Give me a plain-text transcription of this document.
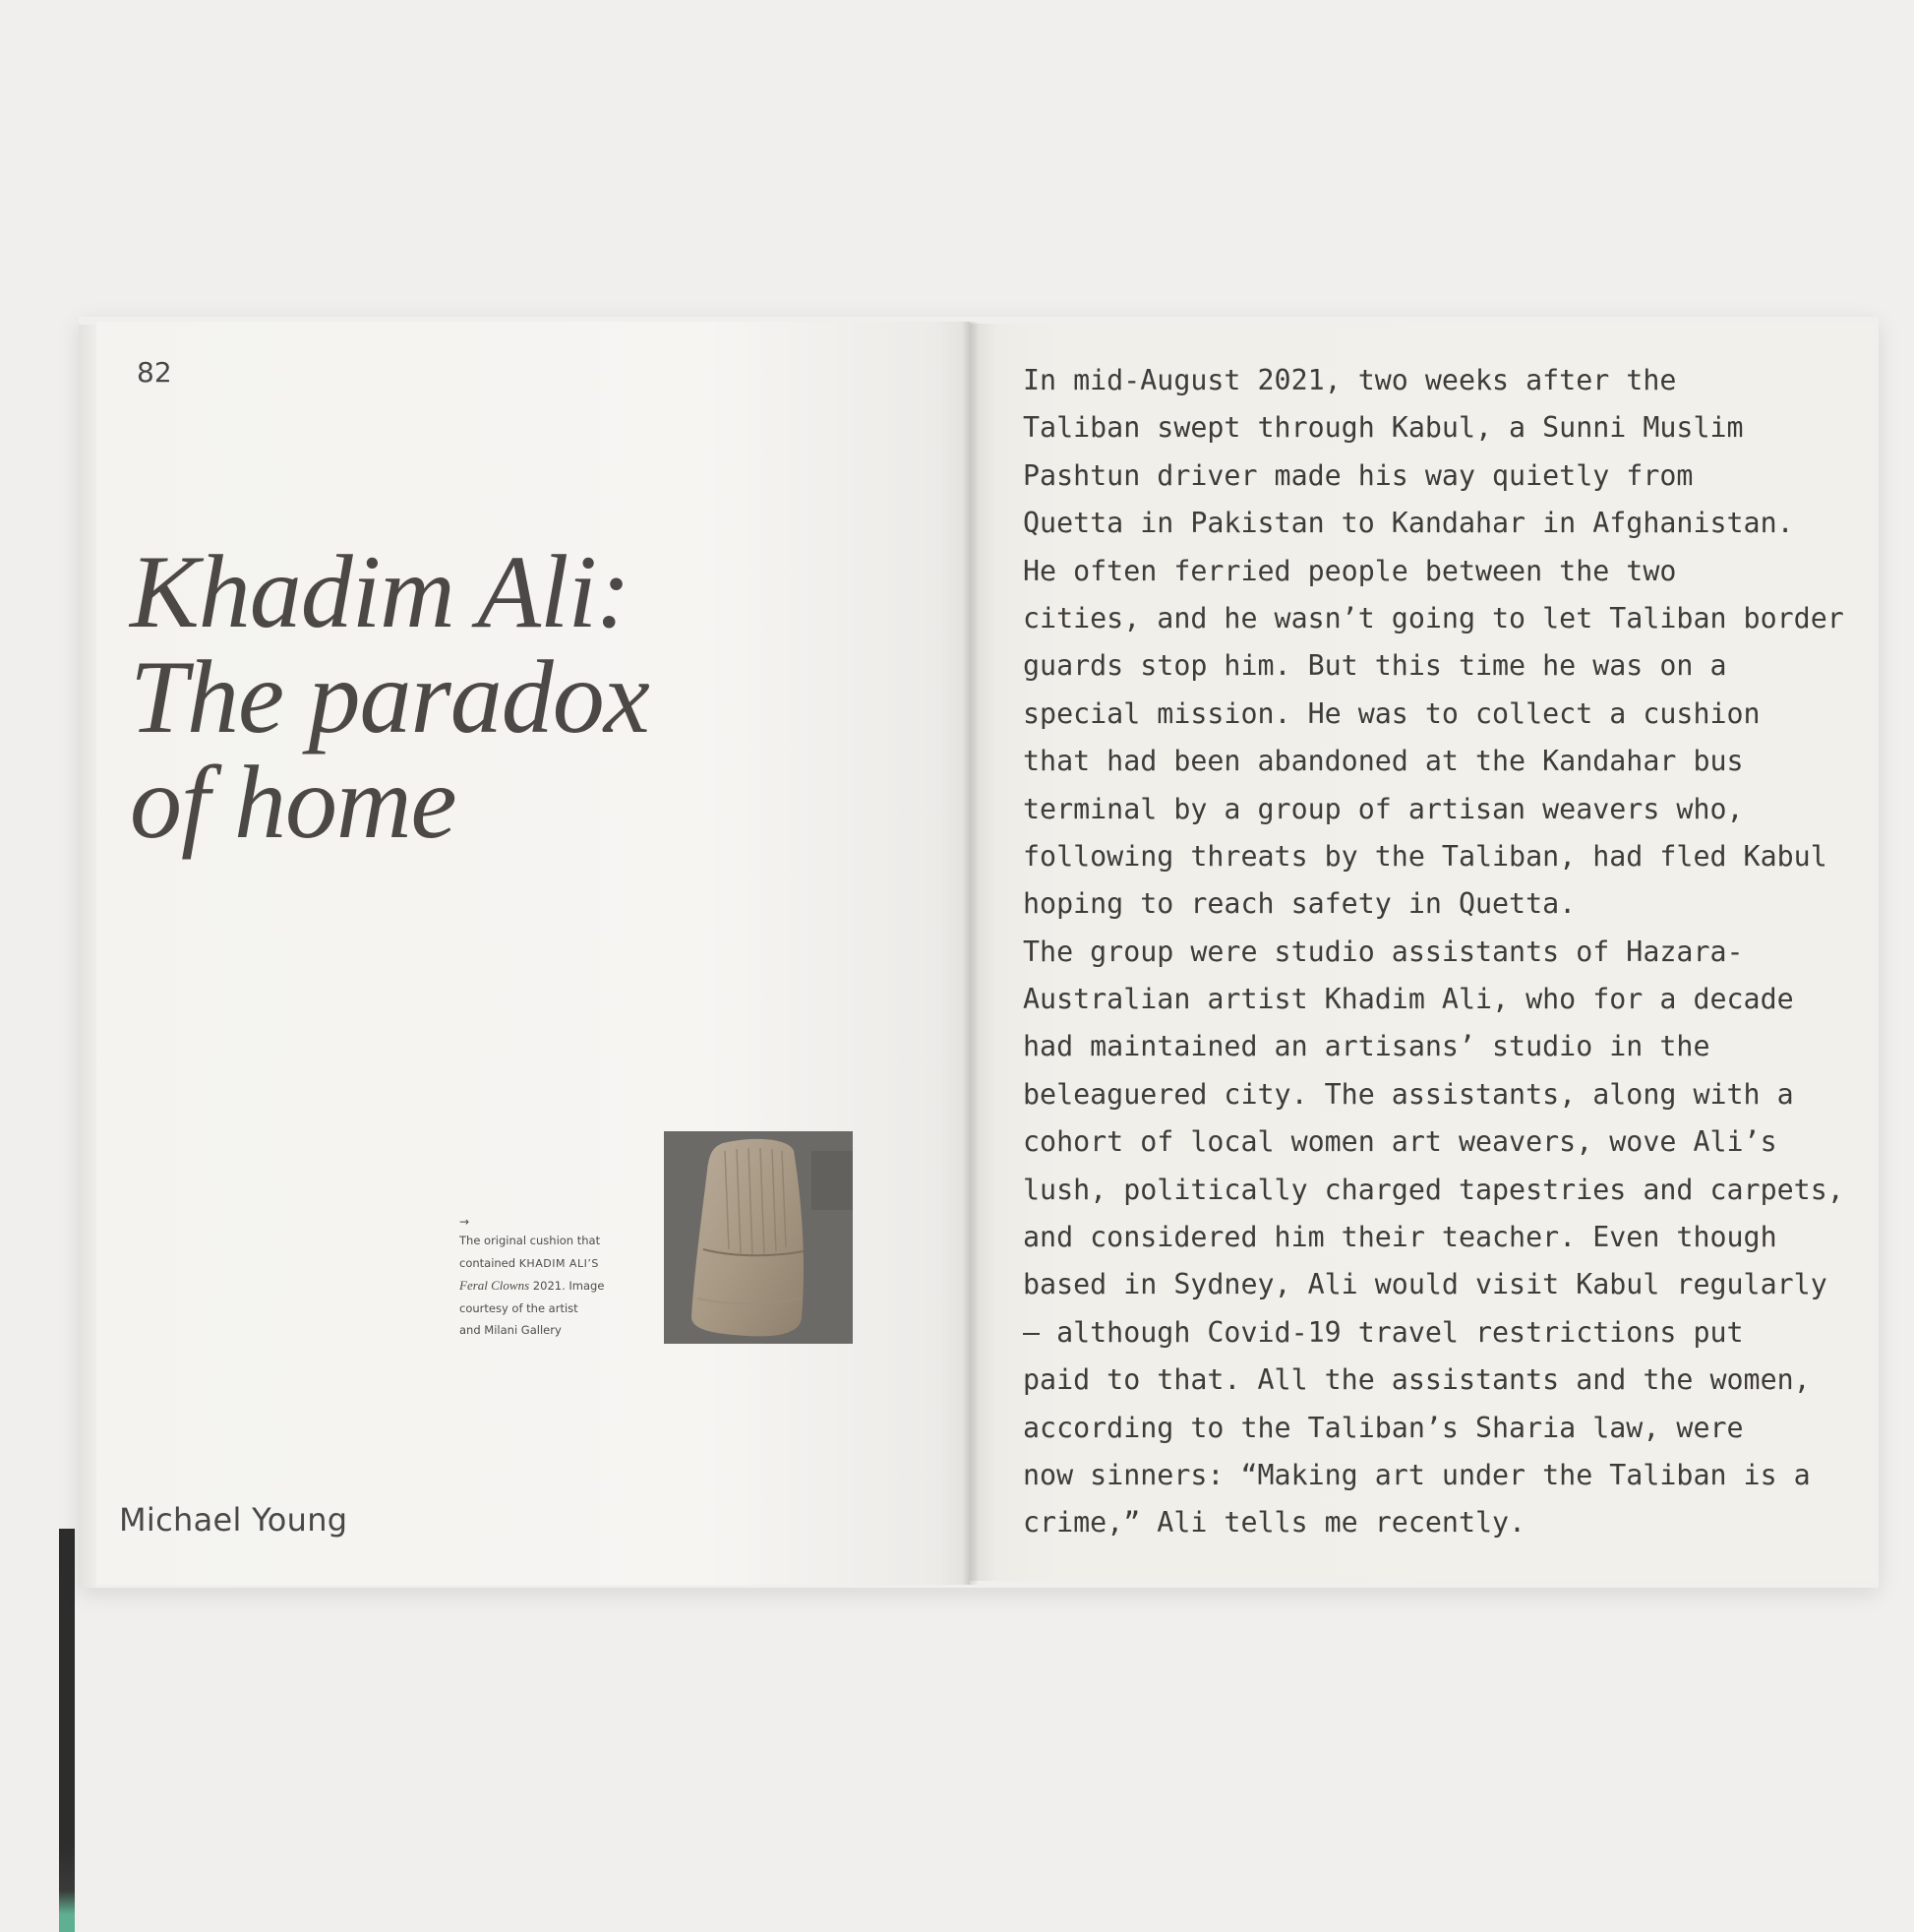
82
Khadim Ali:
The paradox
of home
→
The original cushion that
contained KHADIM ALI’S
Feral Clowns 2021. Image
courtesy of the artist
and Milani Gallery
Michael Young
In mid-August 2021, two weeks after the
Taliban swept through Kabul, a Sunni Muslim
Pashtun driver made his way quietly from
Quetta in Pakistan to Kandahar in Afghanistan.
He often ferried people between the two
cities, and he wasn’t going to let Taliban border
guards stop him. But this time he was on a
special mission. He was to collect a cushion
that had been abandoned at the Kandahar bus
terminal by a group of artisan weavers who,
following threats by the Taliban, had fled Kabul
hoping to reach safety in Quetta.
The group were studio assistants of Hazara-
Australian artist Khadim Ali, who for a decade
had maintained an artisans’ studio in the
beleaguered city. The assistants, along with a
cohort of local women art weavers, wove Ali’s
lush, politically charged tapestries and carpets,
and considered him their teacher. Even though
based in Sydney, Ali would visit Kabul regularly
– although Covid-19 travel restrictions put
paid to that. All the assistants and the women,
according to the Taliban’s Sharia law, were
now sinners: “Making art under the Taliban is a
crime,” Ali tells me recently.
